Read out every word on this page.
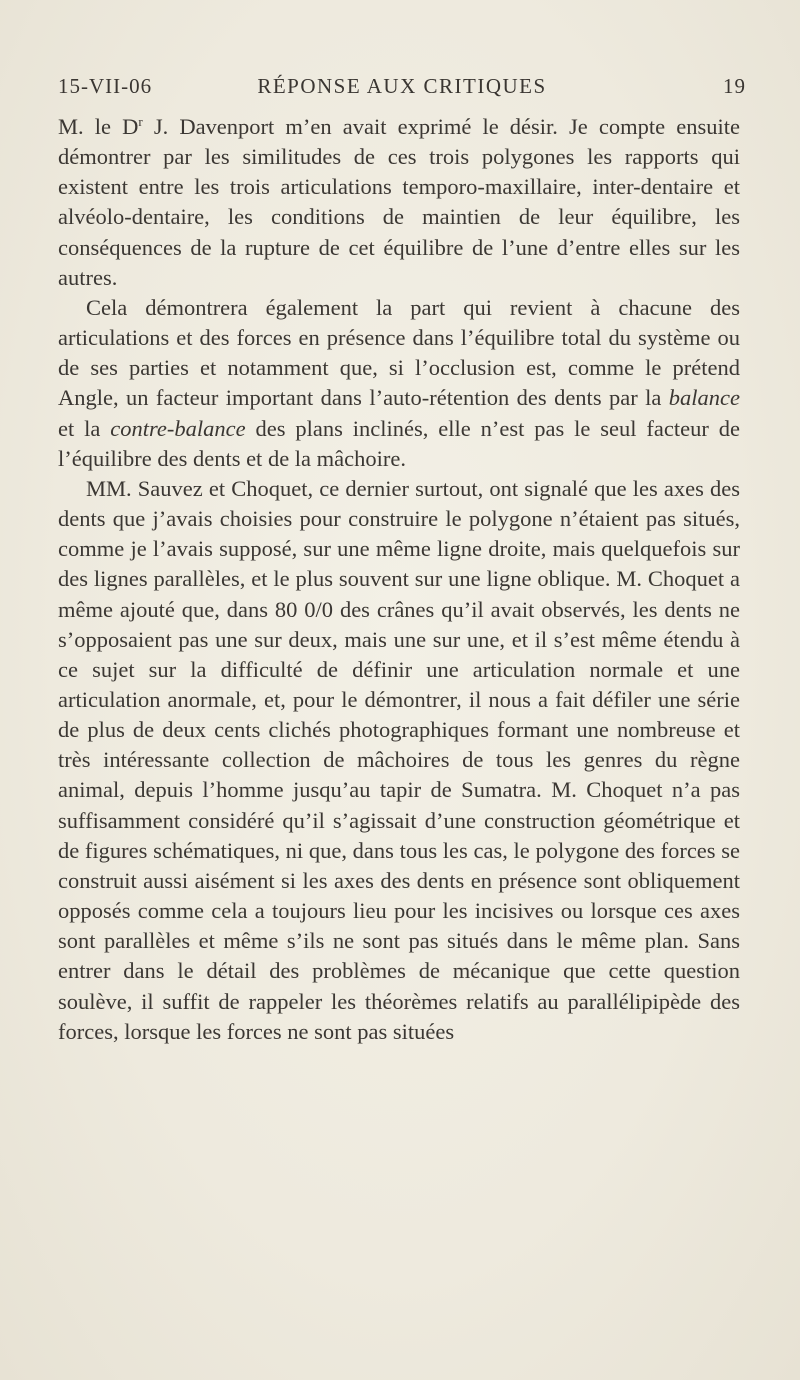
15-VII-06	RÉPONSE AUX CRITIQUES	19

M. le $D^r$ J. Davenport m’en avait exprimé le désir. Je compte ensuite démontrer par les similitudes de ces trois polygones les rapports qui existent entre les trois articulations temporo-maxillaire, inter-dentaire et alvéolo-dentaire, les conditions de maintien de leur équilibre, les conséquences de la rupture de cet équilibre de l’une d’entre elles sur les autres.

Cela démontrera également la part qui revient à chacune des articulations et des forces en présence dans l’équilibre total du système ou de ses parties et notamment que, si l’occlusion est, comme le prétend Angle, un facteur important dans l’auto-rétention des dents par la balance et la contre-balance des plans inclinés, elle n’est pas le seul facteur de l’équilibre des dents et de la mâchoire.

MM. Sauvez et Choquet, ce dernier surtout, ont signalé que les axes des dents que j’avais choisies pour construire le polygone n’étaient pas situés, comme je l’avais supposé, sur une même ligne droite, mais quelquefois sur des lignes parallèles, et le plus souvent sur une ligne oblique. M. Choquet a même ajouté que, dans 80 0/0 des crânes qu’il avait observés, les dents ne s’opposaient pas une sur deux, mais une sur une, et il s’est même étendu à ce sujet sur la difficulté de définir une articulation normale et une articulation anormale, et, pour le démontrer, il nous a fait défiler une série de plus de deux cents clichés photographiques formant une nombreuse et très intéressante collection de mâchoires de tous les genres du règne animal, depuis l’homme jusqu’au tapir de Sumatra. M. Choquet n’a pas suffisamment considéré qu’il s’agissait d’une construction géométrique et de figures schématiques, ni que, dans tous les cas, le polygone des forces se construit aussi aisément si les axes des dents en présence sont obliquement opposés comme cela a toujours lieu pour les incisives ou lorsque ces axes sont parallèles et même s’ils ne sont pas situés dans le même plan. Sans entrer dans le détail des problèmes de mécanique que cette question soulève, il suffit de rappeler les théorèmes relatifs au parallélipipède des forces, lorsque les forces ne sont pas situées
